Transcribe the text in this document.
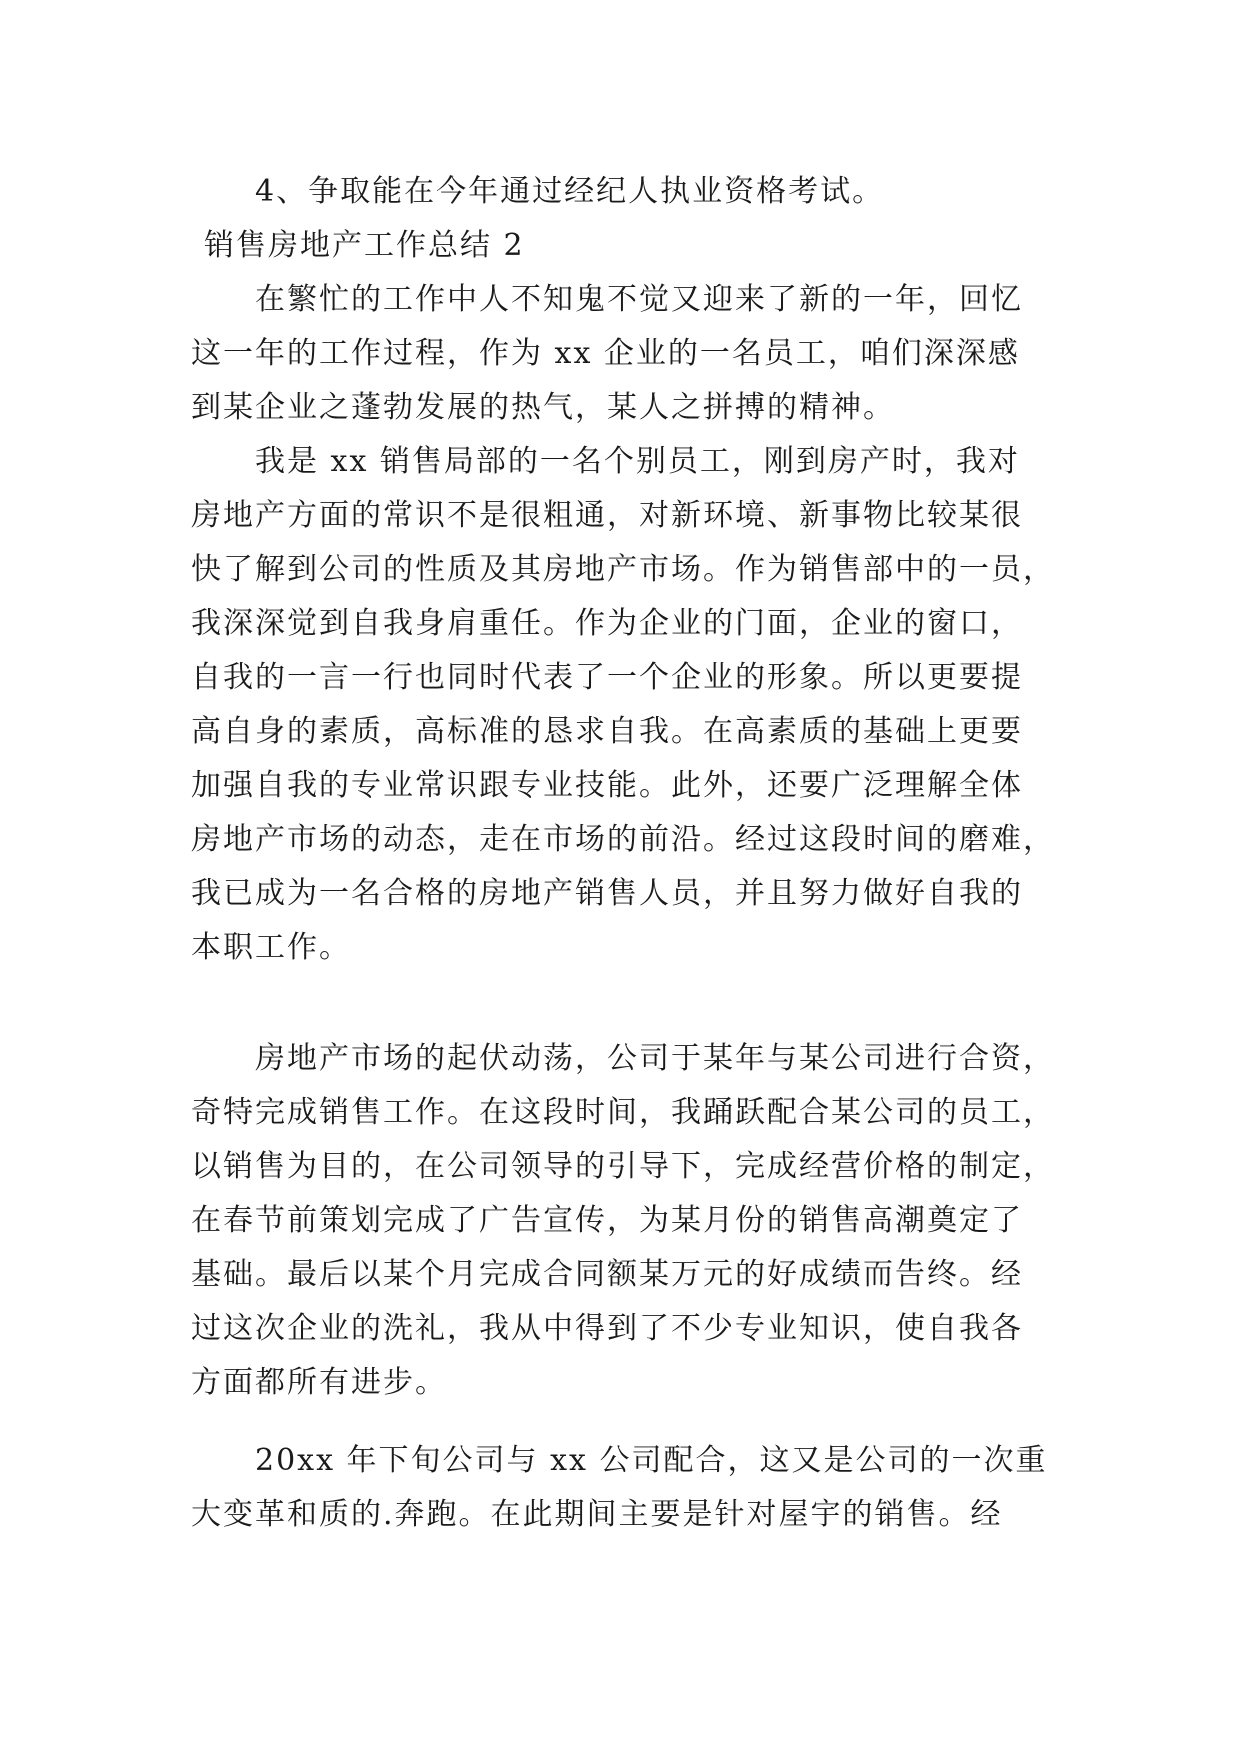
4、争取能在今年通过经纪人执业资格考试。
销售房地产工作总结 2
在繁忙的工作中人不知鬼不觉又迎来了新的一年，回忆
这一年的工作过程，作为 xx 企业的一名员工，咱们深深感
到某企业之蓬勃发展的热气，某人之拼搏的精神。
我是 xx 销售局部的一名个别员工，刚到房产时，我对
房地产方面的常识不是很粗通，对新环境、新事物比较某很
快了解到公司的性质及其房地产市场。作为销售部中的一员，
我深深觉到自我身肩重任。作为企业的门面，企业的窗口，
自我的一言一行也同时代表了一个企业的形象。所以更要提
高自身的素质，高标准的恳求自我。在高素质的基础上更要
加强自我的专业常识跟专业技能。此外，还要广泛理解全体
房地产市场的动态，走在市场的前沿。经过这段时间的磨难，
我已成为一名合格的房地产销售人员，并且努力做好自我的
本职工作。
房地产市场的起伏动荡，公司于某年与某公司进行合资，
奇特完成销售工作。在这段时间，我踊跃配合某公司的员工，
以销售为目的，在公司领导的引导下，完成经营价格的制定，
在春节前策划完成了广告宣传，为某月份的销售高潮奠定了
基础。最后以某个月完成合同额某万元的好成绩而告终。经
过这次企业的洗礼，我从中得到了不少专业知识，使自我各
方面都所有进步。
20xx 年下旬公司与 xx 公司配合，这又是公司的一次重
大变革和质的.奔跑。在此期间主要是针对屋宇的销售。经
